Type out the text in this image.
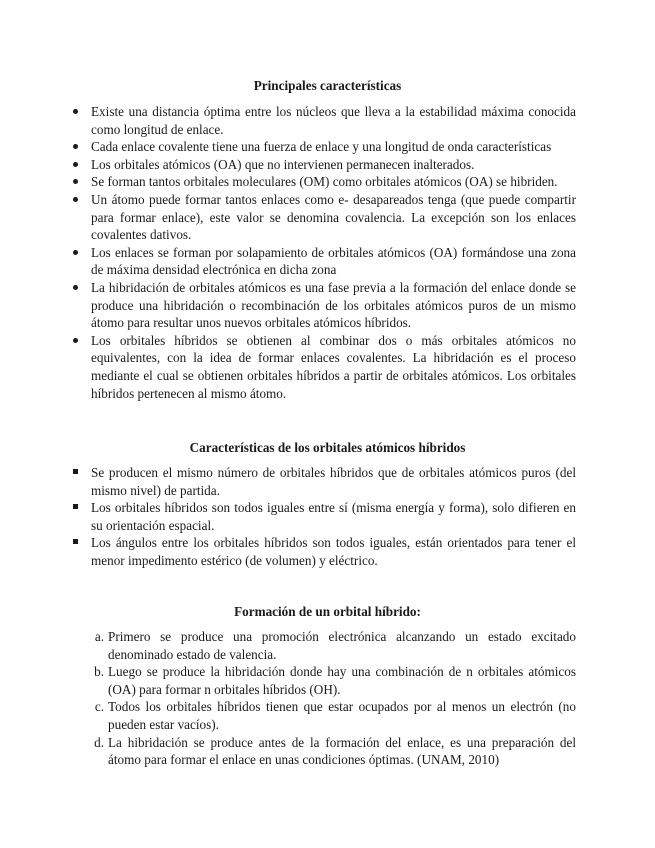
Principales características
Existe una distancia óptima entre los núcleos que lleva a la estabilidad máxima conocida como longitud de enlace.
Cada enlace covalente tiene una fuerza de enlace y una longitud de onda características
Los orbitales atómicos (OA) que no intervienen permanecen inalterados.
Se forman tantos orbitales moleculares (OM) como orbitales atómicos (OA) se hibriden.
Un átomo puede formar tantos enlaces como e- desapareados tenga (que puede compartir para formar enlace), este valor se denomina covalencia. La excepción son los enlaces covalentes dativos.
Los enlaces se forman por solapamiento de orbitales atómicos (OA) formándose una zona de máxima densidad electrónica en dicha zona
La hibridación de orbitales atómicos es una fase previa a la formación del enlace donde se produce una hibridación o recombinación de los orbitales atómicos puros de un mismo átomo para resultar unos nuevos orbitales atómicos híbridos.
Los orbitales híbridos se obtienen al combinar dos o más orbitales atómicos no equivalentes, con la idea de formar enlaces covalentes. La hibridación es el proceso mediante el cual se obtienen orbitales híbridos a partir de orbitales atómicos. Los orbitales híbridos pertenecen al mismo átomo.
Características de los orbitales atómicos híbridos
Se producen el mismo número de orbitales híbridos que de orbitales atómicos puros (del mismo nivel) de partida.
Los orbitales híbridos son todos iguales entre sí (misma energía y forma), solo difieren en su orientación espacial.
Los ángulos entre los orbitales híbridos son todos iguales, están orientados para tener el menor impedimento estérico (de volumen) y eléctrico.
Formación de un orbital híbrido:
a. Primero se produce una promoción electrónica alcanzando un estado excitado denominado estado de valencia.
b. Luego se produce la hibridación donde hay una combinación de n orbitales atómicos (OA) para formar n orbitales híbridos (OH).
c. Todos los orbitales híbridos tienen que estar ocupados por al menos un electrón (no pueden estar vacíos).
d. La hibridación se produce antes de la formación del enlace, es una preparación del átomo para formar el enlace en unas condiciones óptimas. (UNAM, 2010)
